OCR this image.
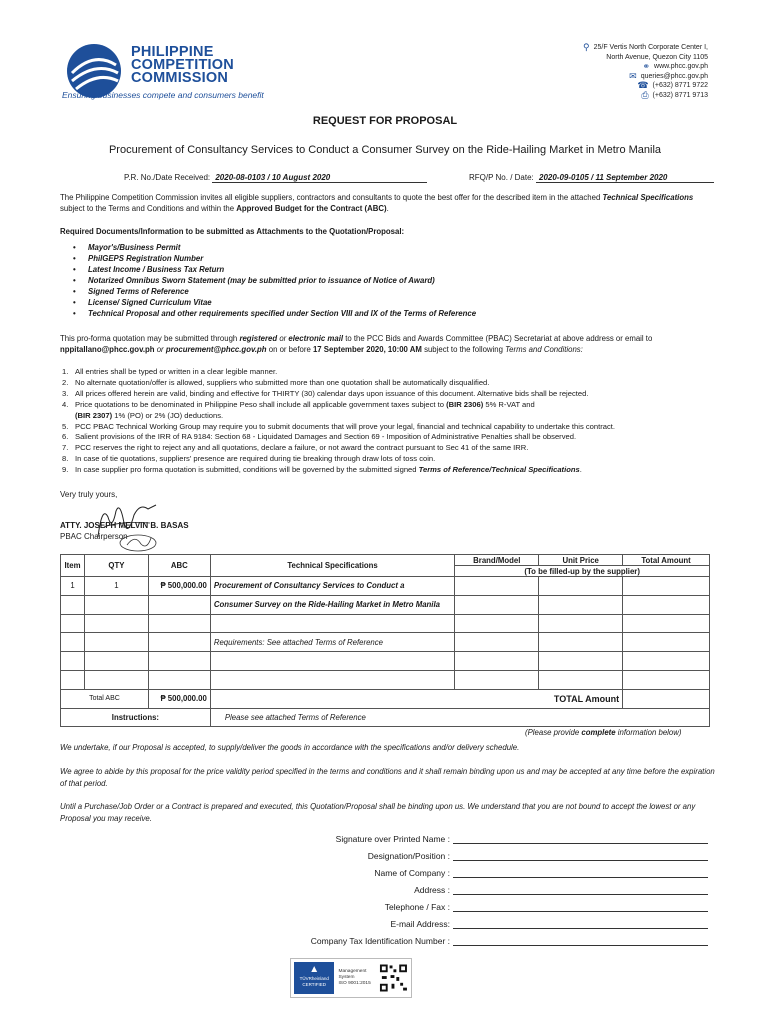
PHILIPPINE
COMPETITION
COMMISSION
Ensuring businesses compete and consumers benefit
⚲ 25/F Vertis North Corporate Center I,
North Avenue, Quezon City 1105
⚭ www.phcc.gov.ph
✉ queries@phcc.gov.ph
☎ (+632) 8771 9722
⎙ (+632) 8771 9713
REQUEST FOR PROPOSAL
Procurement of Consultancy Services to Conduct a Consumer Survey on the Ride-Hailing Market in Metro Manila
P.R. No./Date Received: 2020-08-0103 / 10 August 2020	RFQ/P No. / Date: 2020-09-0105 / 11 September 2020
The Philippine Competition Commission invites all eligible suppliers, contractors and consultants to quote the best offer for the described item in the attached Technical Specifications subject to the Terms and Conditions and within the Approved Budget for the Contract (ABC).
Required Documents/Information to be submitted as Attachments to the Quotation/Proposal:
• Mayor's/Business Permit
• PhilGEPS Registration Number
• Latest Income / Business Tax Return
• Notarized Omnibus Sworn Statement (may be submitted prior to issuance of Notice of Award)
• Signed Terms of Reference
• License/ Signed Curriculum Vitae
• Technical Proposal and other requirements specified under Section VIII and IX of the Terms of Reference
This pro-forma quotation may be submitted through registered or electronic mail to the PCC Bids and Awards Committee (PBAC) Secretariat at above address or email to nppitallano@phcc.gov.ph or procurement@phcc.gov.ph on or before 17 September 2020, 10:00 AM subject to the following Terms and Conditions:
1. All entries shall be typed or written in a clear legible manner.
2. No alternate quotation/offer is allowed, suppliers who submitted more than one quotation shall be automatically disqualified.
3. All prices offered herein are valid, binding and effective for THIRTY (30) calendar days upon issuance of this document. Alternative bids shall be rejected.
4. Price quotations to be denominated in Philippine Peso shall include all applicable government taxes subject to (BIR 2306) 5% R-VAT and
(BIR 2307) 1% (PO) or 2% (JO) deductions.
5. PCC PBAC Technical Working Group may require you to submit documents that will prove your legal, financial and technical capability to undertake this contract.
6. Salient provisions of the IRR of RA 9184: Section 68 - Liquidated Damages and Section 69 - Imposition of Administrative Penalties shall be observed.
7. PCC reserves the right to reject any and all quotations, declare a failure, or not award the contract pursuant to Sec 41 of the same IRR.
8. In case of tie quotations, suppliers' presence are required during tie breaking through draw lots of toss coin.
9. In case supplier pro forma quotation is submitted, conditions will be governed by the submitted signed Terms of Reference/Technical Specifications.
Very truly yours,
ATTY. JOSEPH MELVIN B. BASAS
PBAC Chairperson
Item	QTY	ABC	Technical Specifications	Brand/Model	Unit Price	Total Amount
				(To be filled-up by the supplier)		
1	1	₱ 500,000.00	Procurement of Consultancy Services to Conduct a			
			Consumer Survey on the Ride-Hailing Market in Metro Manila			

			Requirements: See attached Terms of Reference			

Total ABC		₱ 500,000.00	TOTAL Amount			
Instructions:			Please see attached Terms of Reference			
(Please provide complete information below)
We undertake, if our Proposal is accepted, to supply/deliver the goods in accordance with the specifications and/or delivery schedule.
We agree to abide by this proposal for the price validity period specified in the terms and conditions and it shall remain binding upon us and may be accepted at any time before the expiration of that period.
Until a Purchase/Job Order or a Contract is prepared and executed, this Quotation/Proposal shall be binding upon us. We understand that you are not bound to accept the lowest or any Proposal you may receive.
Signature over Printed Name :
Designation/Position :
Name of Company :
Address :
Telephone / Fax :
E-mail Address:
Company Tax Identification Number :
▲
TÜVRheinland
CERTIFIED
Management
System
ISO 9001:2015
